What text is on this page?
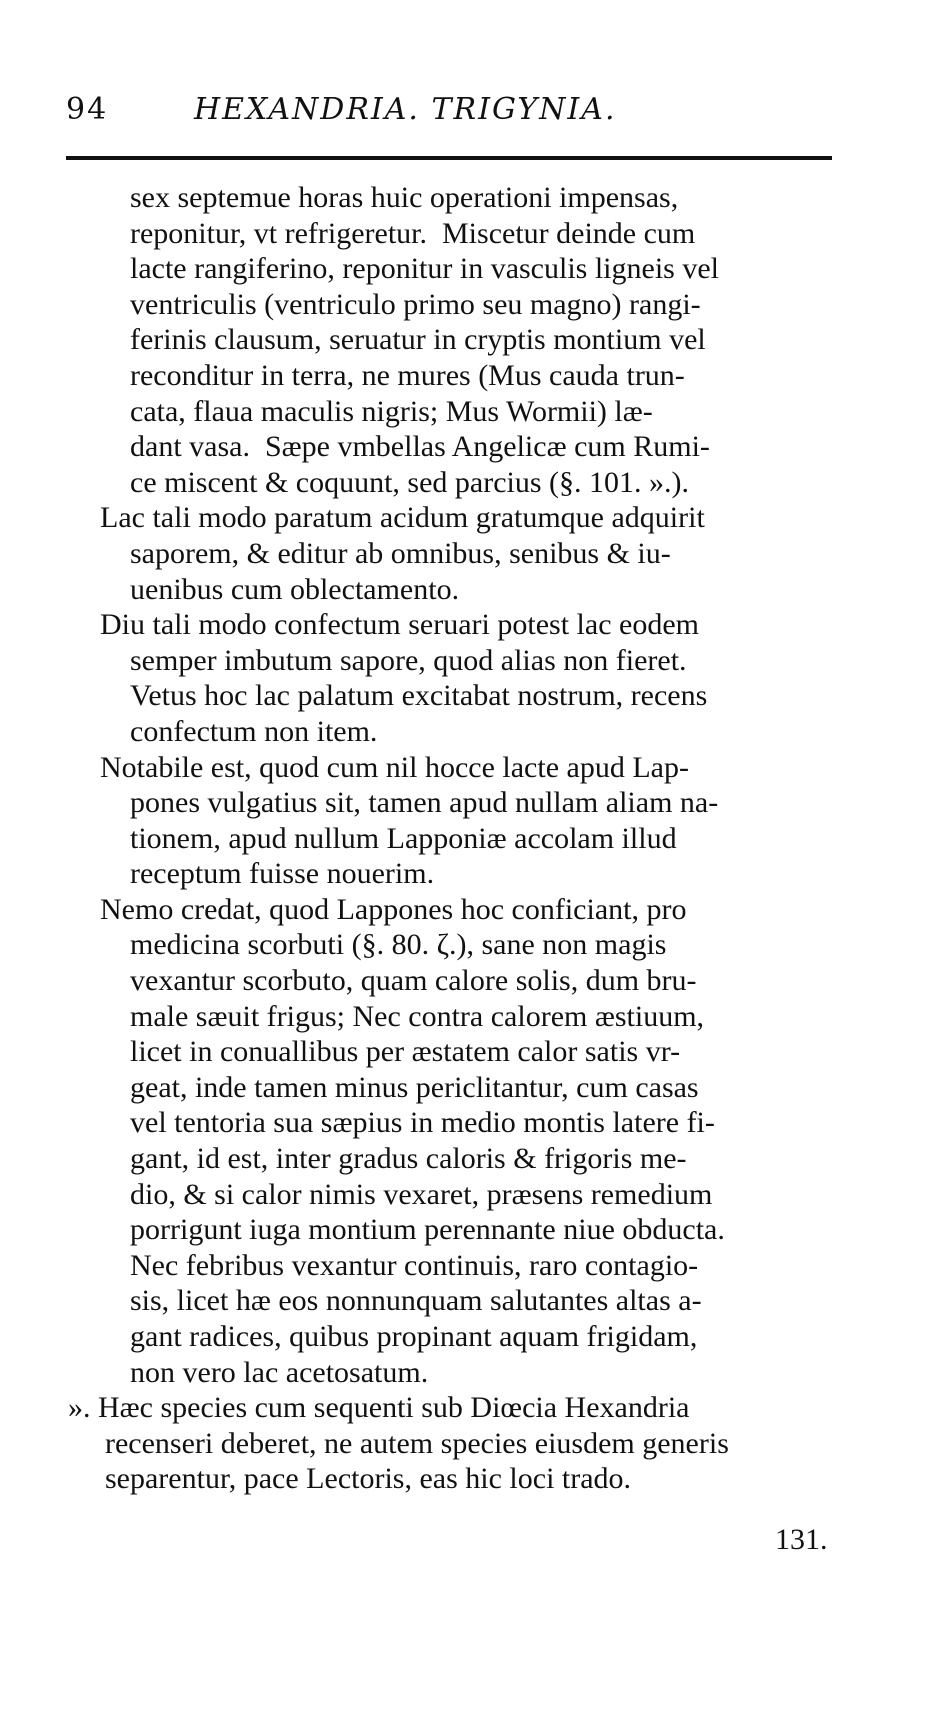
94	HEXANDRIA. TRIGYNIA.
sex septemue horas huic operationi impensas,
reponitur, vt refrigeretur.  Miscetur deinde cum
lacte rangiferino, reponitur in vasculis ligneis vel
ventriculis (ventriculo primo seu magno) rangi-
ferinis clausum, seruatur in cryptis montium vel
reconditur in terra, ne mures (Mus cauda trun-
cata, flaua maculis nigris; Mus Wormii) læ-
dant vasa.  Sæpe vmbellas Angelicæ cum Rumi-
ce miscent & coquunt, sed parcius (§. 101. ».).
Lac tali modo paratum acidum gratumque adquirit
saporem, & editur ab omnibus, senibus & iu-
uenibus cum oblectamento.
Diu tali modo confectum seruari potest lac eodem
semper imbutum sapore, quod alias non fieret.
Vetus hoc lac palatum excitabat nostrum, recens
confectum non item.
Notabile est, quod cum nil hocce lacte apud Lap-
pones vulgatius sit, tamen apud nullam aliam na-
tionem, apud nullum Lapponiæ accolam illud
receptum fuisse nouerim.
Nemo credat, quod Lappones hoc conficiant, pro
medicina scorbuti (§. 80. ζ.), sane non magis
vexantur scorbuto, quam calore solis, dum bru-
male sæuit frigus; Nec contra calorem æstiuum,
licet in conuallibus per æstatem calor satis vr-
geat, inde tamen minus periclitantur, cum casas
vel tentoria sua sæpius in medio montis latere fi-
gant, id est, inter gradus caloris & frigoris me-
dio, & si calor nimis vexaret, præsens remedium
porrigunt iuga montium perennante niue obducta.
Nec febribus vexantur continuis, raro contagio-
sis, licet hæ eos nonnunquam salutantes altas a-
gant radices, quibus propinant aquam frigidam,
non vero lac acetosatum.
». Hæc species cum sequenti sub Diœcia Hexandria
recenseri deberet, ne autem species eiusdem generis
separentur, pace Lectoris, eas hic loci trado.
131.
